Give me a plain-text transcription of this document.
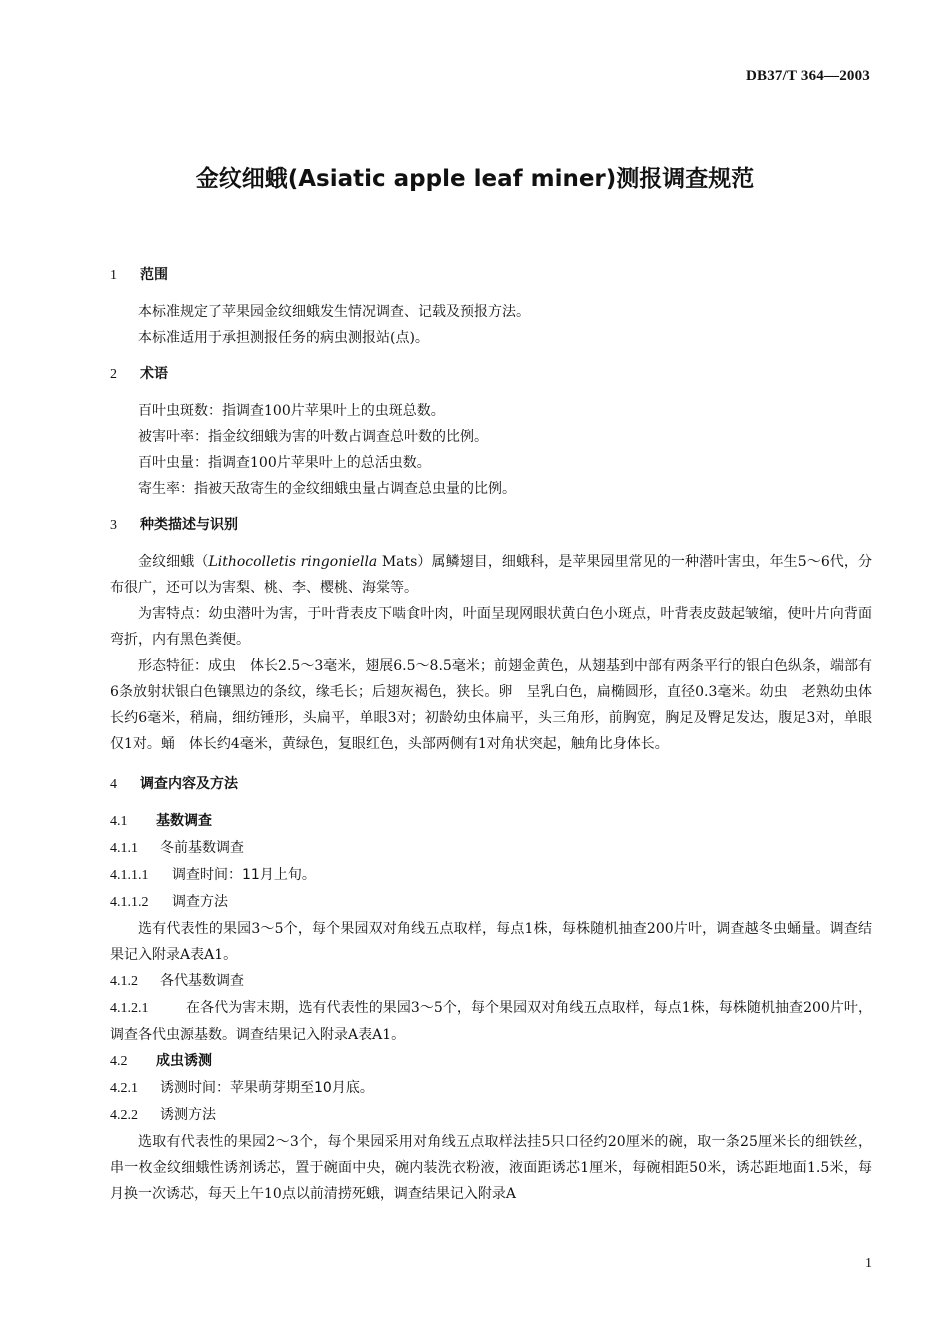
DB37/T 364—2003
金纹细蛾(Asiatic apple leaf miner)测报调查规范
1 范围

本标准规定了苹果园金纹细蛾发生情况调查、记载及预报方法。

本标准适用于承担测报任务的病虫测报站(点)。

2 术语

百叶虫斑数：指调查100片苹果叶上的虫斑总数。

被害叶率：指金纹细蛾为害的叶数占调查总叶数的比例。

百叶虫量：指调查100片苹果叶上的总活虫数。

寄生率：指被天敌寄生的金纹细蛾虫量占调查总虫量的比例。

3 种类描述与识别

金纹细蛾（Lithocolletis ringoniella Mats）属鳞翅目，细蛾科，是苹果园里常见的一种潜叶害虫，年生5～6代，分布很广，还可以为害梨、桃、李、樱桃、海棠等。

为害特点：幼虫潜叶为害，于叶背表皮下啮食叶肉，叶面呈现网眼状黄白色小斑点，叶背表皮鼓起皱缩，使叶片向背面弯折，内有黑色粪便。

形态特征：成虫　体长2.5～3毫米，翅展6.5～8.5毫米；前翅金黄色，从翅基到中部有两条平行的银白色纵条，端部有6条放射状银白色镶黑边的条纹，缘毛长；后翅灰褐色，狭长。卵　呈乳白色，扁椭圆形，直径0.3毫米。幼虫　老熟幼虫体长约6毫米，稍扁，细纺锤形，头扁平，单眼3对；初龄幼虫体扁平，头三角形，前胸宽，胸足及臀足发达，腹足3对，单眼仅1对。蛹　体长约4毫米，黄绿色，复眼红色，头部两侧有1对角状突起，触角比身体长。

4 调查内容及方法
4.1 基数调查
4.1.1 冬前基数调查
4.1.1.1 调查时间：11月上旬。
4.1.1.2 调查方法

选有代表性的果园3～5个，每个果园双对角线五点取样，每点1株，每株随机抽查200片叶，调查越冬虫蛹量。调查结果记入附录A表A1。

4.1.2 各代基数调查

4.1.2.1	在各代为害末期，选有代表性的果园3～5个，每个果园双对角线五点取样，每点1株，每株随机抽查200片叶，调查各代虫源基数。调查结果记入附录A表A1。

4.2 成虫诱测
4.2.1 诱测时间：苹果萌芽期至10月底。
4.2.2 诱测方法

选取有代表性的果园2～3个，每个果园采用对角线五点取样法挂5只口径约20厘米的碗，取一条25厘米长的细铁丝，串一枚金纹细蛾性诱剂诱芯，置于碗面中央，碗内装洗衣粉液，液面距诱芯1厘米，每碗相距50米，诱芯距地面1.5米，每月换一次诱芯，每天上午10点以前清捞死蛾，调查结果记入附录A

1
